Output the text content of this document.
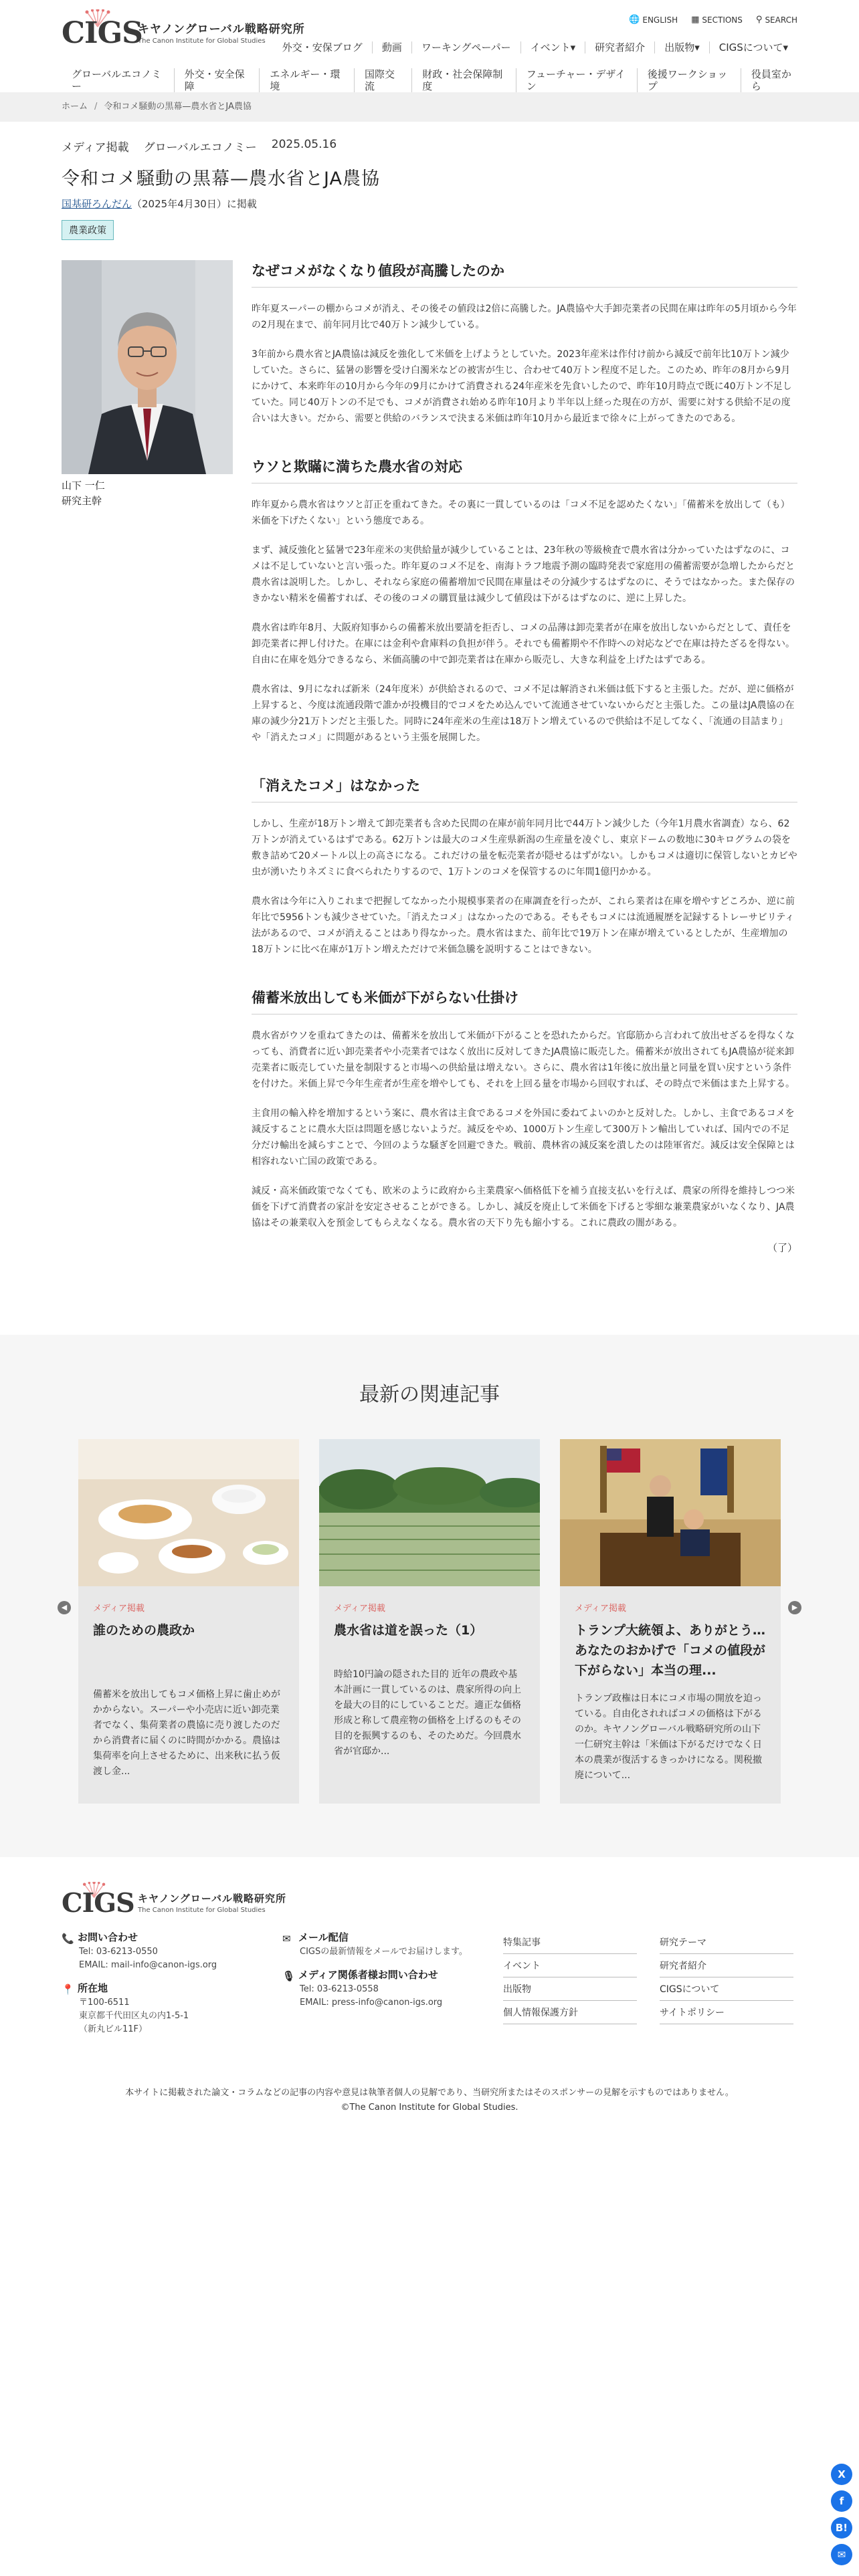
CIGS
キヤノングローバル戦略研究所
The Canon Institute for Global Studies
🌐 ENGLISH ▦ SECTIONS ⚲ SEARCH
外交・安保ブログ	動画	ワーキングペーパー	イベント▾	研究者紹介	出版物▾	CIGSについて▾
グローバルエコノミー
外交・安全保障
エネルギー・環境
国際交流
財政・社会保障制度
フューチャー・デザイン
後援ワークショップ
役員室から
ホーム / 令和コメ騒動の黒幕—農水省とJA農協
メディア掲載 グローバルエコノミー 2025.05.16
令和コメ騒動の黒幕—農水省とJA農協
国基研ろんだん（2025年4月30日）に掲載
農業政策
山下 一仁
研究主幹
なぜコメがなくなり値段が高騰したのか

昨年夏スーパーの棚からコメが消え、その後その値段は2倍に高騰した。JA農協や大手卸売業者の民間在庫は昨年の5月頃から今年の2月現在まで、前年同月比で40万トン減少している。

3年前から農水省とJA農協は減反を強化して米価を上げようとしていた。2023年産米は作付け前から減反で前年比10万トン減少していた。さらに、猛暑の影響を受け白濁米などの被害が生じ、合わせて40万トン程度不足した。このため、昨年の8月から9月にかけて、本来昨年の10月から今年の9月にかけて消費される24年産米を先食いしたので、昨年10月時点で既に40万トン不足していた。同じ40万トンの不足でも、コメが消費され始める昨年10月より半年以上経った現在の方が、需要に対する供給不足の度合いは大きい。だから、需要と供給のバランスで決まる米価は昨年10月から最近まで徐々に上がってきたのである。

ウソと欺瞞に満ちた農水省の対応

昨年夏から農水省はウソと訂正を重ねてきた。その裏に一貫しているのは「コメ不足を認めたくない」「備蓄米を放出して（も）米価を下げたくない」という態度である。

まず、減反強化と猛暑で23年産米の実供給量が減少していることは、23年秋の等級検査で農水省は分かっていたはずなのに、コメは不足していないと言い張った。昨年夏のコメ不足を、南海トラフ地震予測の臨時発表で家庭用の備蓄需要が急増したからだと農水省は説明した。しかし、それなら家庭の備蓄増加で民間在庫量はその分減少するはずなのに、そうではなかった。また保存のきかない精米を備蓄すれば、その後のコメの購買量は減少して値段は下がるはずなのに、逆に上昇した。

農水省は昨年8月、大阪府知事からの備蓄米放出要請を拒否し、コメの品薄は卸売業者が在庫を放出しないからだとして、責任を卸売業者に押し付けた。在庫には金利や倉庫料の負担が伴う。それでも備蓄期や不作時への対応などで在庫は持たざるを得ない。自由に在庫を処分できるなら、米価高騰の中で卸売業者は在庫から販売し、大きな利益を上げたはずである。

農水省は、9月になれば新米（24年度米）が供給されるので、コメ不足は解消され米価は低下すると主張した。だが、逆に価格が上昇すると、今度は流通段階で誰かが投機目的でコメをため込んでいて流通させていないからだと主張した。この量はJA農協の在庫の減少分21万トンだと主張した。同時に24年産米の生産は18万トン増えているので供給は不足してなく、「流通の目詰まり」や「消えたコメ」に問題があるという主張を展開した。

「消えたコメ」はなかった

しかし、生産が18万トン増えて卸売業者も含めた民間の在庫が前年同月比で44万トン減少した（今年1月農水省調査）なら、62万トンが消えているはずである。62万トンは最大のコメ生産県新潟の生産量を凌ぐし、東京ドームの数地に30キログラムの袋を敷き詰めて20メートル以上の高さになる。これだけの量を転売業者が隠せるはずがない。しかもコメは適切に保管しないとカビや虫が湧いたりネズミに食べられたりするので、1万トンのコメを保管するのに年間1億円かかる。

農水省は今年に入りこれまで把握してなかった小規模事業者の在庫調査を行ったが、これら業者は在庫を増やすどころか、逆に前年比で5956トンも減少させていた。「消えたコメ」はなかったのである。そもそもコメには流通履歴を記録するトレーサビリティ法があるので、コメが消えることはあり得なかった。農水省はまた、前年比で19万トン在庫が増えているとしたが、生産増加の18万トンに比べ在庫が1万トン増えただけで米価急騰を説明することはできない。

備蓄米放出しても米価が下がらない仕掛け

農水省がウソを重ねてきたのは、備蓄米を放出して米価が下がることを恐れたからだ。官邸筋から言われて放出せざるを得なくなっても、消費者に近い卸売業者や小売業者ではなく放出に反対してきたJA農協に販売した。備蓄米が放出されてもJA農協が従来卸売業者に販売していた量を制限すると市場への供給量は増えない。さらに、農水省は1年後に放出量と同量を買い戻すという条件を付けた。米価上昇で今年生産者が生産を増やしても、それを上回る量を市場から回収すれば、その時点で米価はまた上昇する。

主食用の輸入枠を増加するという案に、農水省は主食であるコメを外国に委ねてよいのかと反対した。しかし、主食であるコメを減反することに農水大臣は問題を感じないようだ。減反をやめ、1000万トン生産して300万トン輸出していれば、国内での不足分だけ輸出を減らすことで、今回のような騒ぎを回避できた。戦前、農林省の減反案を潰したのは陸軍省だ。減反は安全保障とは相容れない亡国の政策である。

減反・高米価政策でなくても、欧米のように政府から主業農家へ価格低下を補う直接支払いを行えば、農家の所得を維持しつつ米価を下げて消費者の家計を安定させることができる。しかし、減反を廃止して米価を下げると零細な兼業農家がいなくなり、JA農協はその兼業収入を預金してもらえなくなる。農水省の天下り先も縮小する。これに農政の闇がある。

（了）
最新の関連記事
◀	▶
メディア掲載
誰のための農政か
備蓄米を放出してもコメ価格上昇に歯止めがかからない。スーパーや小売店に近い卸売業者でなく、集荷業者の農協に売り渡したのだから消費者に届くのに時間がかかる。農協は集荷率を向上させるために、出来秋に払う仮渡し金...
メディア掲載
農水省は道を誤った（1）
時給10円論の隠された目的 近年の農政や基本計画に一貫しているのは、農家所得の向上を最大の目的にしていることだ。適正な価格形成と称して農産物の価格を上げるのもその目的を振興するのも、そのためだ。今回農水省が官邸か...
メディア掲載
トランプ大統領よ、ありがとう…あなたのおかげで「コメの値段が下がらない」本当の理...
トランプ政権は日本にコメ市場の開放を迫っている。自由化されればコメの価格は下がるのか。キヤノングローバル戦略研究所の山下一仁研究主幹は「米価は下がるだけでなく日本の農業が復活するきっかけになる。関税撤廃について...
CIGS キヤノングローバル戦略研究所
The Canon Institute for Global Studies
📞 お問い合わせ
Tel: 03-6213-0550
EMAIL: mail-info@canon-igs.org
📍 所在地
〒100-6511
東京都千代田区丸の内1-5-1
（新丸ビル11F）
✉ メール配信
CIGSの最新情報をメールでお届けします。
🎙 メディア関係者様お問い合わせ
Tel: 03-6213-0558
EMAIL: press-info@canon-igs.org
特集記事	研究テーマ
イベント	研究者紹介
出版物	CIGSについて
個人情報保護方針	サイトポリシー
本サイトに掲載された論文・コラムなどの記事の内容や意見は執筆者個人の見解であり、当研究所またはそのスポンサーの見解を示すものではありません。
©The Canon Institute for Global Studies.
X
f
B!
✉
